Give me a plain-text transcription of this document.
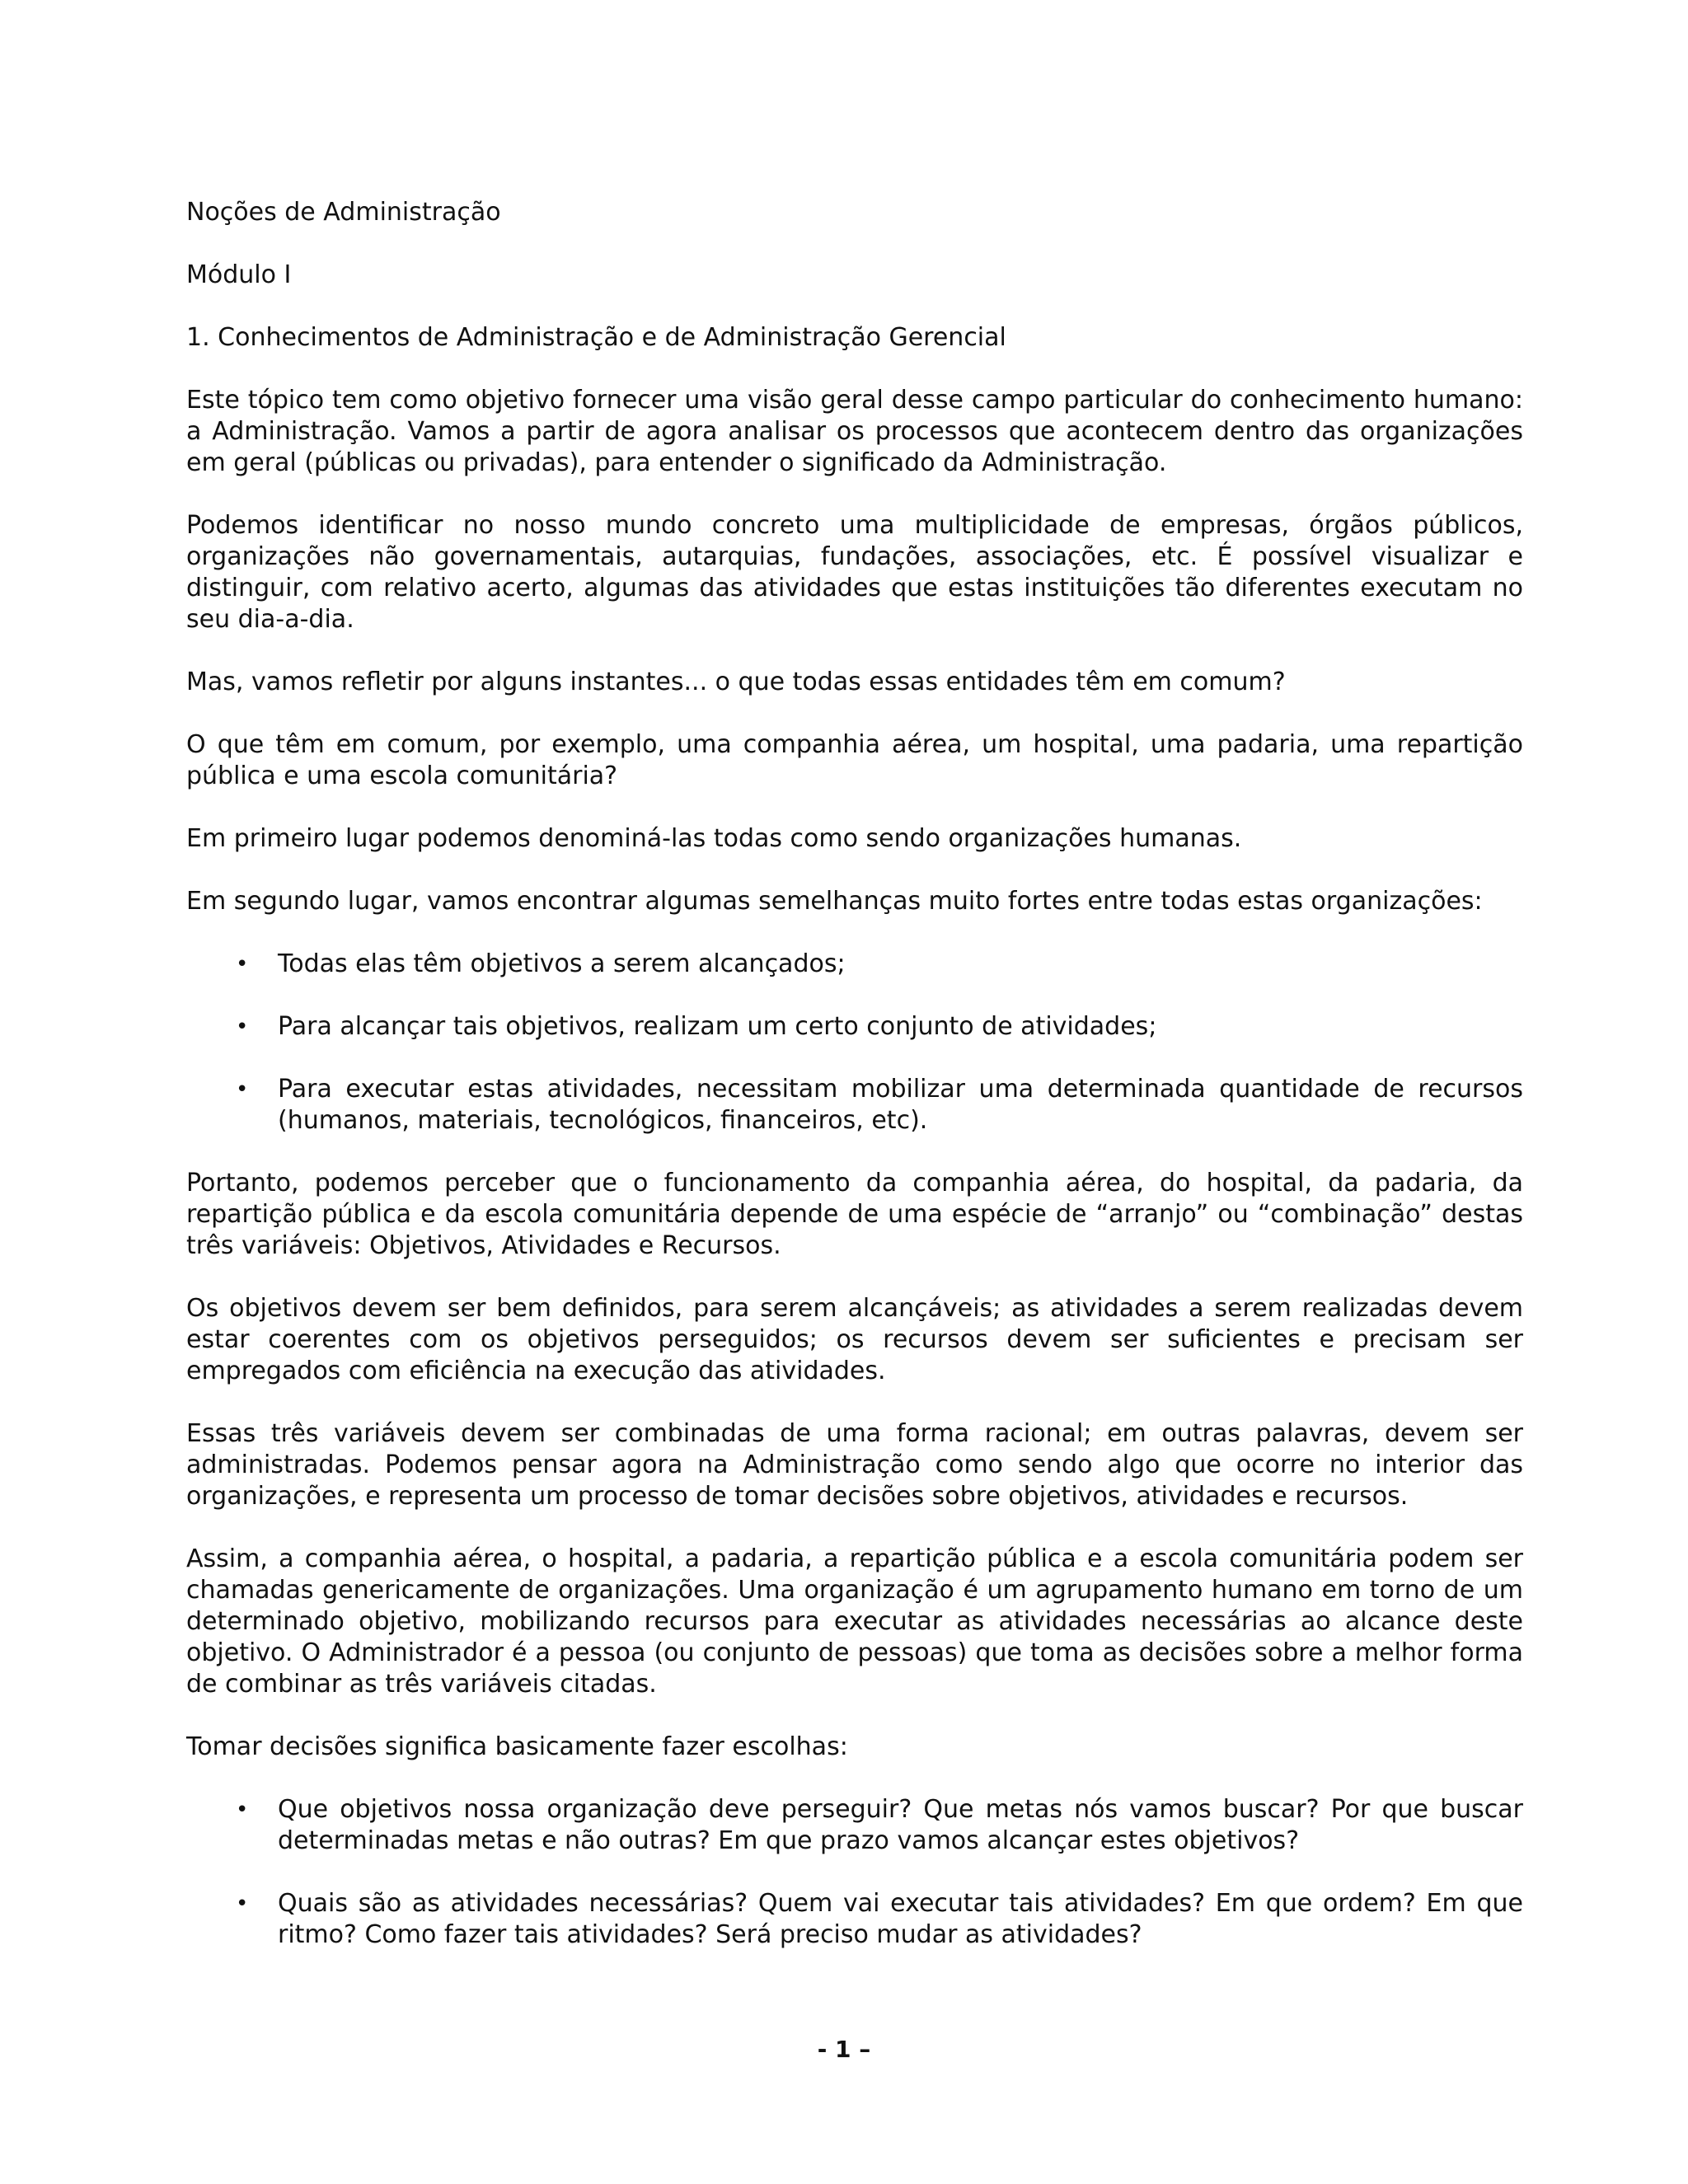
Noções de Administração
Módulo I
1. Conhecimentos de Administração e de Administração Gerencial

Este tópico tem como objetivo fornecer uma visão geral desse campo particular do conhecimento humano: a Administração. Vamos a partir de agora analisar os processos que acontecem dentro das organizações em geral (públicas ou privadas), para entender o significado da Administração.

Podemos identificar no nosso mundo concreto uma multiplicidade de empresas, órgãos públicos, organizações não governamentais, autarquias, fundações, associações, etc. É possível visualizar e distinguir, com relativo acerto, algumas das atividades que estas instituições tão diferentes executam no seu dia-a-dia.

Mas, vamos refletir por alguns instantes... o que todas essas entidades têm em comum?

O que têm em comum, por exemplo, uma companhia aérea, um hospital, uma padaria, uma repartição pública e uma escola comunitária?

Em primeiro lugar podemos denominá-las todas como sendo organizações humanas.

Em segundo lugar, vamos encontrar algumas semelhanças muito fortes entre todas estas organizações:

• Todas elas têm objetivos a serem alcançados;
• Para alcançar tais objetivos, realizam um certo conjunto de atividades;
• Para executar estas atividades, necessitam mobilizar uma determinada quantidade de recursos (humanos, materiais, tecnológicos, financeiros, etc).

Portanto, podemos perceber que o funcionamento da companhia aérea, do hospital, da padaria, da repartição pública e da escola comunitária depende de uma espécie de “arranjo” ou “combinação” destas três variáveis: Objetivos, Atividades e Recursos.

Os objetivos devem ser bem definidos, para serem alcançáveis; as atividades a serem realizadas devem estar coerentes com os objetivos perseguidos; os recursos devem ser suficientes e precisam ser empregados com eficiência na execução das atividades.

Essas três variáveis devem ser combinadas de uma forma racional; em outras palavras, devem ser administradas. Podemos pensar agora na Administração como sendo algo que ocorre no interior das organizações, e representa um processo de tomar decisões sobre objetivos, atividades e recursos.

Assim, a companhia aérea, o hospital, a padaria, a repartição pública e a escola comunitária podem ser chamadas genericamente de organizações. Uma organização é um agrupamento humano em torno de um determinado objetivo, mobilizando recursos para executar as atividades necessárias ao alcance deste objetivo. O Administrador é a pessoa (ou conjunto de pessoas) que toma as decisões sobre a melhor forma de combinar as três variáveis citadas.

Tomar decisões significa basicamente fazer escolhas:

• Que objetivos nossa organização deve perseguir? Que metas nós vamos buscar? Por que buscar determinadas metas e não outras? Em que prazo vamos alcançar estes objetivos?
• Quais são as atividades necessárias? Quem vai executar tais atividades? Em que ordem? Em que ritmo? Como fazer tais atividades? Será preciso mudar as atividades?
- 1 –
